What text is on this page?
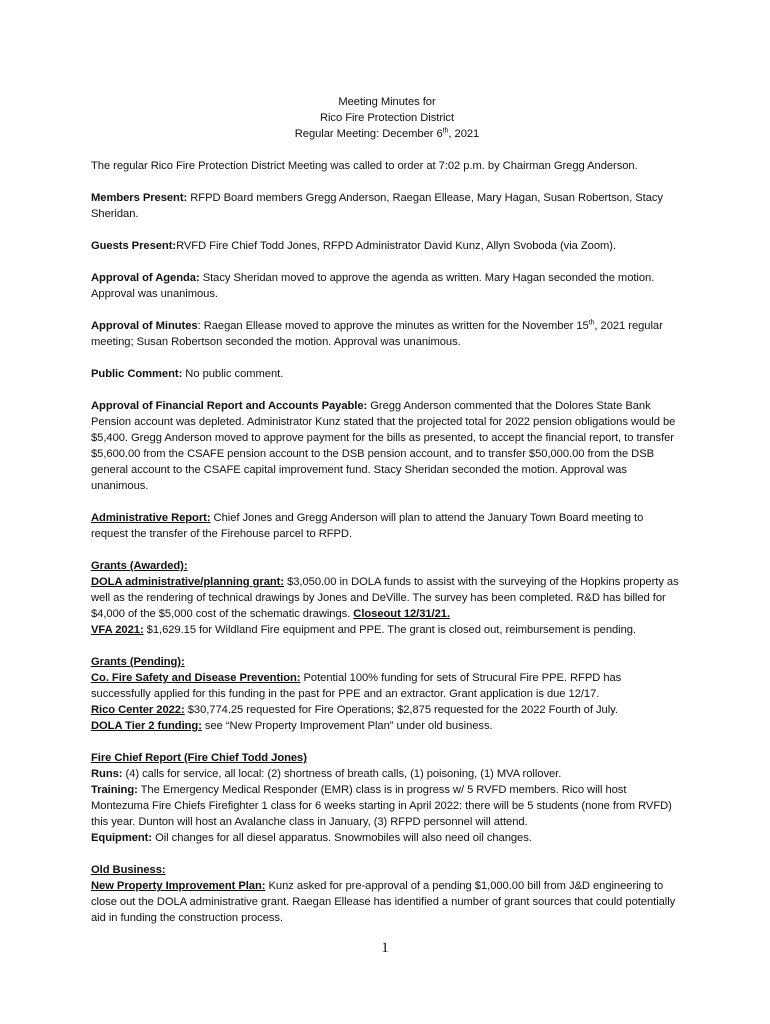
Meeting Minutes for
Rico Fire Protection District
Regular Meeting: December 6th, 2021

The regular Rico Fire Protection District Meeting was called to order at 7:02 p.m. by Chairman Gregg Anderson.

Members Present: RFPD Board members Gregg Anderson, Raegan Ellease, Mary Hagan, Susan Robertson, Stacy Sheridan.

Guests Present:RVFD Fire Chief Todd Jones, RFPD Administrator David Kunz, Allyn Svoboda (via Zoom).

Approval of Agenda: Stacy Sheridan moved to approve the agenda as written. Mary Hagan seconded the motion. Approval was unanimous.

Approval of Minutes: Raegan Ellease moved to approve the minutes as written for the November 15th, 2021 regular meeting; Susan Robertson seconded the motion. Approval was unanimous.

Public Comment: No public comment.

Approval of Financial Report and Accounts Payable: Gregg Anderson commented that the Dolores State Bank Pension account was depleted. Administrator Kunz stated that the projected total for 2022 pension obligations would be $5,400. Gregg Anderson moved to approve payment for the bills as presented, to accept the financial report, to transfer $5,600.00 from the CSAFE pension account to the DSB pension account, and to transfer $50,000.00 from the DSB general account to the CSAFE capital improvement fund. Stacy Sheridan seconded the motion. Approval was unanimous.

Administrative Report: Chief Jones and Gregg Anderson will plan to attend the January Town Board meeting to request the transfer of the Firehouse parcel to RFPD.

Grants (Awarded):

DOLA administrative/planning grant: $3,050.00 in DOLA funds to assist with the surveying of the Hopkins property as well as the rendering of technical drawings by Jones and DeVille. The survey has been completed. R&D has billed for $4,000 of the $5,000 cost of the schematic drawings. Closeout 12/31/21.

VFA 2021: $1,629.15 for Wildland Fire equipment and PPE. The grant is closed out, reimbursement is pending.

Grants (Pending):

Co. Fire Safety and Disease Prevention: Potential 100% funding for sets of Strucural Fire PPE. RFPD has successfully applied for this funding in the past for PPE and an extractor. Grant application is due 12/17.

Rico Center 2022: $30,774.25 requested for Fire Operations; $2,875 requested for the 2022 Fourth of July.

DOLA Tier 2 funding: see “New Property Improvement Plan” under old business.

Fire Chief Report (Fire Chief Todd Jones)

Runs: (4) calls for service, all local: (2) shortness of breath calls, (1) poisoning, (1) MVA rollover.

Training: The Emergency Medical Responder (EMR) class is in progress w/ 5 RVFD members. Rico will host Montezuma Fire Chiefs Firefighter 1 class for 6 weeks starting in April 2022: there will be 5 students (none from RVFD) this year. Dunton will host an Avalanche class in January, (3) RFPD personnel will attend.

Equipment: Oil changes for all diesel apparatus. Snowmobiles will also need oil changes.

Old Business:

New Property Improvement Plan: Kunz asked for pre-approval of a pending $1,000.00 bill from J&D engineering to close out the DOLA administrative grant. Raegan Ellease has identified a number of grant sources that could potentially aid in funding the construction process.

1
